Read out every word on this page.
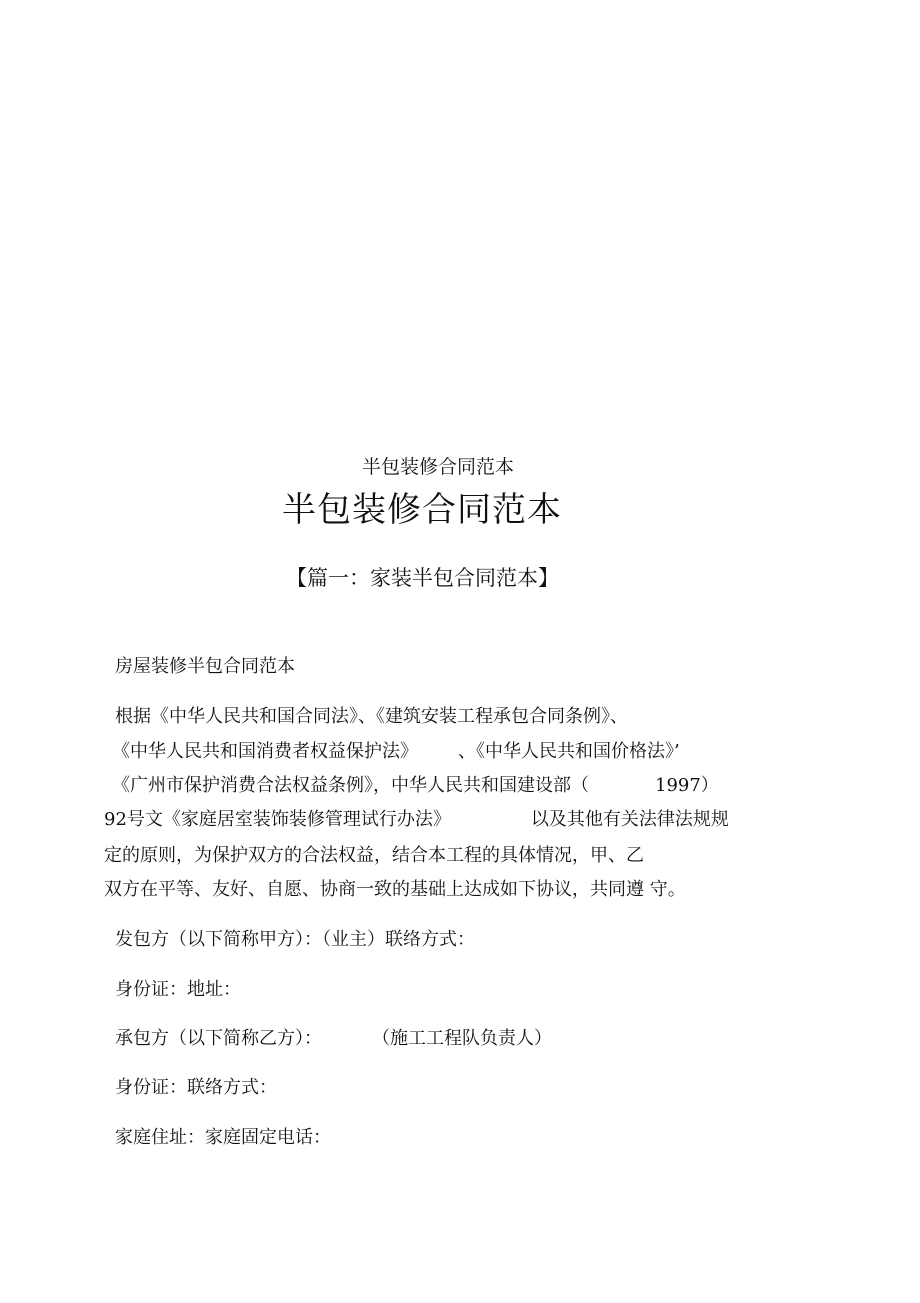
半包装修合同范本

半包装修合同范本

【篇一：家装半包合同范本】

房屋装修半包合同范本

根据《中华人民共和国合同法》、《建筑安装工程承包合同条例》、

《中华人民共和国消费者权益保护法》 、《中华人民共和国价格法》’
《广州市保护消费合法权益条例》，中华人民共和国建设部（	1997）
92号文《家庭居室装饰装修管理试行办法》	以及其他有关法律法规规

定的原则，为保护双方的合法权益，结合本工程的具体情况，甲、乙

双方在平等、友好、自愿、协商一致的基础上达成如下协议，共同遵 守。

发包方（以下简称甲方）：（业主）联络方式：

身份证：地址：

承包方（以下简称乙方）：	（施工工程队负责人）

身份证：联络方式：

家庭住址：家庭固定电话：
